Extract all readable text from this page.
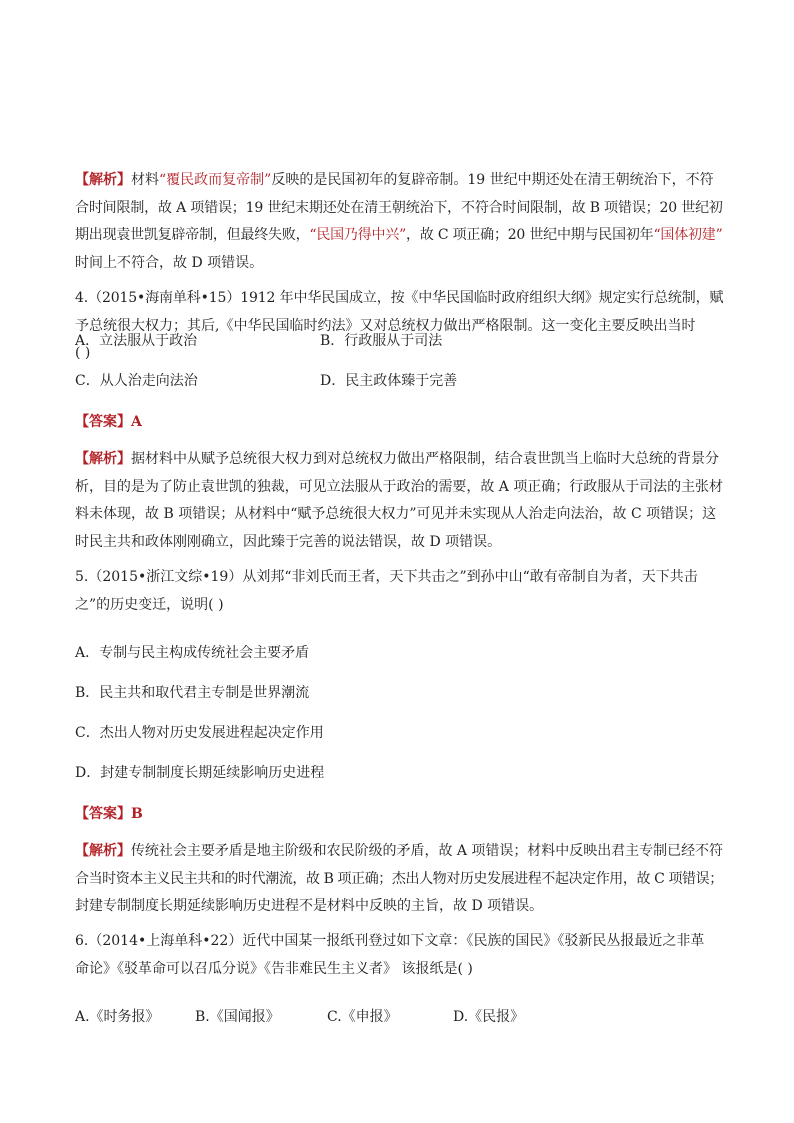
【解析】材料“覆民政而复帝制”反映的是民国初年的复辟帝制。19 世纪中期还处在清王朝统治下，不符
合时间限制，故 A 项错误；19 世纪末期还处在清王朝统治下，不符合时间限制，故 B 项错误；20 世纪初
期出现袁世凯复辟帝制，但最终失败，“民国乃得中兴”，故 C 项正确；20 世纪中期与民国初年“国体初建”
时间上不符合，故 D 项错误。
4.（2015•海南单科•15）1912 年中华民国成立，按《中华民国临时政府组织大纲》规定实行总统制，赋
予总统很大权力；其后,《中华民国临时约法》又对总统权力做出严格限制。这一变化主要反映出当时
( )
A．立法服从于政治	B．行政服从于司法
C．从人治走向法治	D．民主政体臻于完善
【答案】A
【解析】据材料中从赋予总统很大权力到对总统权力做出严格限制，结合袁世凯当上临时大总统的背景分
析，目的是为了防止袁世凯的独裁，可见立法服从于政治的需要，故 A 项正确；行政服从于司法的主张材
料未体现，故 B 项错误；从材料中“赋予总统很大权力”可见并未实现从人治走向法治，故 C 项错误；这
时民主共和政体刚刚确立，因此臻于完善的说法错误，故 D 项错误。
5.（2015•浙江文综•19）从刘邦“非刘氏而王者，天下共击之”到孙中山“敢有帝制自为者，天下共击
之”的历史变迁，说明( )
A．专制与民主构成传统社会主要矛盾
B．民主共和取代君主专制是世界潮流
C．杰出人物对历史发展进程起决定作用
D．封建专制制度长期延续影响历史进程
【答案】B
【解析】传统社会主要矛盾是地主阶级和农民阶级的矛盾，故 A 项错误；材料中反映出君主专制已经不符
合当时资本主义民主共和的时代潮流，故 B 项正确；杰出人物对历史发展进程不起决定作用，故 C 项错误；
封建专制制度长期延续影响历史进程不是材料中反映的主旨，故 D 项错误。
6.（2014•上海单科•22）近代中国某一报纸刊登过如下文章：《民族的国民》《驳新民丛报最近之非革
命论》《驳革命可以召瓜分说》《告非难民生主义者》 该报纸是( )
A.《时务报》	B.《国闻报》	C.《申报》	D.《民报》
